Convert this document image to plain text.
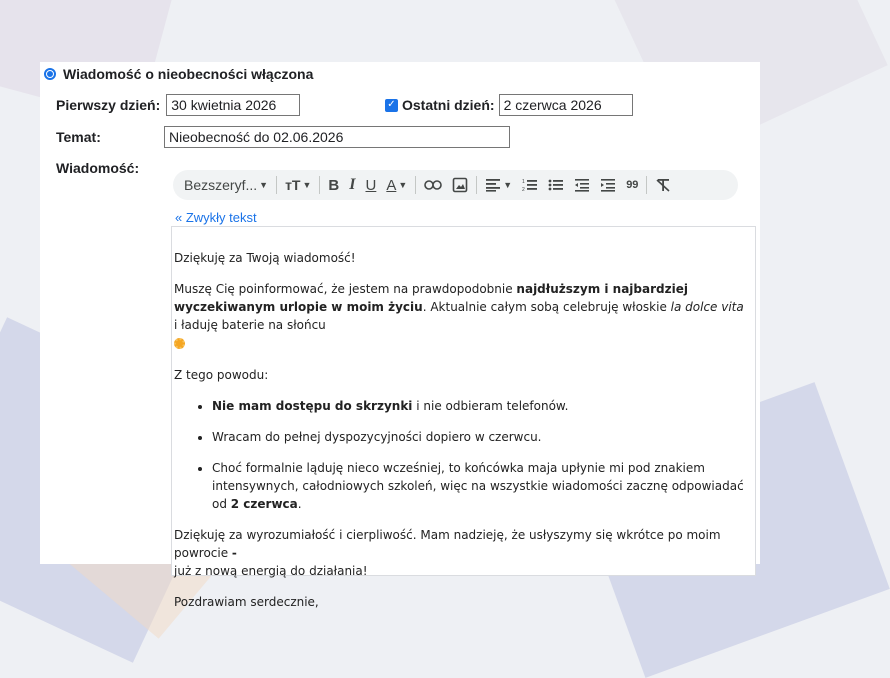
Wiadomość o nieobecności włączona
Pierwszy dzień:
30 kwietnia 2026	✓ Ostatni dzień:
2 czerwca 2026
Temat:
Nieobecność do 02.06.2026
Wiadomość:
Bezszeryf... ▼ тT ▼	B I U A ▼	▼ 1
2	99
« Zwykły tekst

Dziękuję za Twoją wiadomość!

Muszę Cię poinformować, że jestem na prawdopodobnie najdłuższym i najbardziej wyczekiwanym urlopie w moim życiu. Aktualnie całym sobą celebruję włoskie la dolce vita i ładuję baterie na słońcu

Z tego powodu:

• Nie mam dostępu do skrzynki i nie odbieram telefonów.
• Wracam do pełnej dyspozycyjności dopiero w czerwcu.
• Choć formalnie ląduję nieco wcześniej, to końcówka maja upłynie mi pod znakiem intensywnych, całodniowych szkoleń, więc na wszystkie wiadomości zacznę odpowiadać od 2 czerwca.

Dziękuję za wyrozumiałość i cierpliwość. Mam nadzieję, że usłyszymy się wkrótce po moim powrocie -
już z nową energią do działania!

Pozdrawiam serdecznie,
